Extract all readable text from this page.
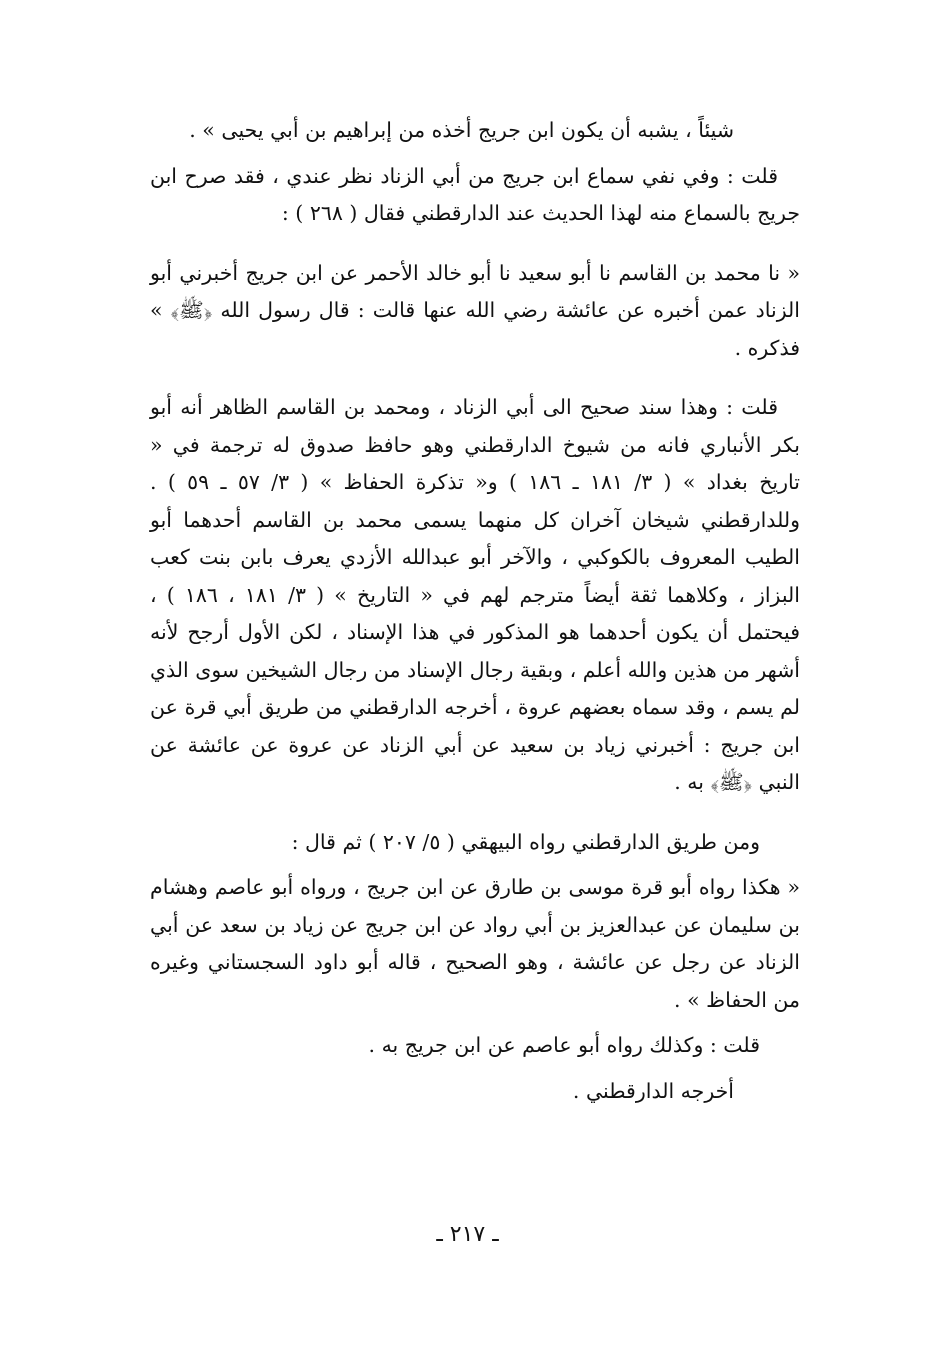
شيئاً ، يشبه أن يكون ابن جريج أخذه من إبراهيم بن أبي يحيى » .

قلت : وفي نفي سماع ابن جريج من أبي الزناد نظر عندي ، فقد صرح ابن جريج بالسماع منه لهذا الحديث عند الدارقطني فقال ( ٢٦٨ ) :

« نا محمد بن القاسم نا أبو سعيد نا أبو خالد الأحمر عن ابن جريج أخبرني أبو الزناد عمن أخبره عن عائشة رضي الله عنها قالت : قال رسول الله ﴿ﷺ﴾ » فذكره .

قلت : وهذا سند صحيح الى أبي الزناد ، ومحمد بن القاسم الظاهر أنه أبو بكر الأنباري فانه من شيوخ الدارقطني وهو حافظ صدوق له ترجمة في « تاريخ بغداد » ( ٣/ ١٨١ ـ ١٨٦ ) و« تذكرة الحفاظ » ( ٣/ ٥٧ ـ ٥٩ ) . وللدارقطني شيخان آخران كل منهما يسمى محمد بن القاسم أحدهما أبو الطيب المعروف بالكوكبي ، والآخر أبو عبدالله الأزدي يعرف بابن بنت كعب البزاز ، وكلاهما ثقة أيضاً مترجم لهم في « التاريخ » ( ٣/ ١٨١ ، ١٨٦ ) ، فيحتمل أن يكون أحدهما هو المذكور في هذا الإسناد ، لكن الأول أرجح لأنه أشهر من هذين والله أعلم ، وبقية رجال الإسناد من رجال الشيخين سوى الذي لم يسم ، وقد سماه بعضهم عروة ، أخرجه الدارقطني من طريق أبي قرة عن ابن جريج : أخبرني زياد بن سعيد عن أبي الزناد عن عروة عن عائشة عن النبي ﴿ﷺ﴾ به .

ومن طريق الدارقطني رواه البيهقي ( ٥/ ٢٠٧ ) ثم قال :

« هكذا رواه أبو قرة موسى بن طارق عن ابن جريج ، ورواه أبو عاصم وهشام بن سليمان عن عبدالعزيز بن أبي رواد عن ابن جريج عن زياد بن سعد عن أبي الزناد عن رجل عن عائشة ، وهو الصحيح ، قاله أبو داود السجستاني وغيره من الحفاظ » .

قلت : وكذلك رواه أبو عاصم عن ابن جريج به .

أخرجه الدارقطني .

ـ ٢١٧ ـ
